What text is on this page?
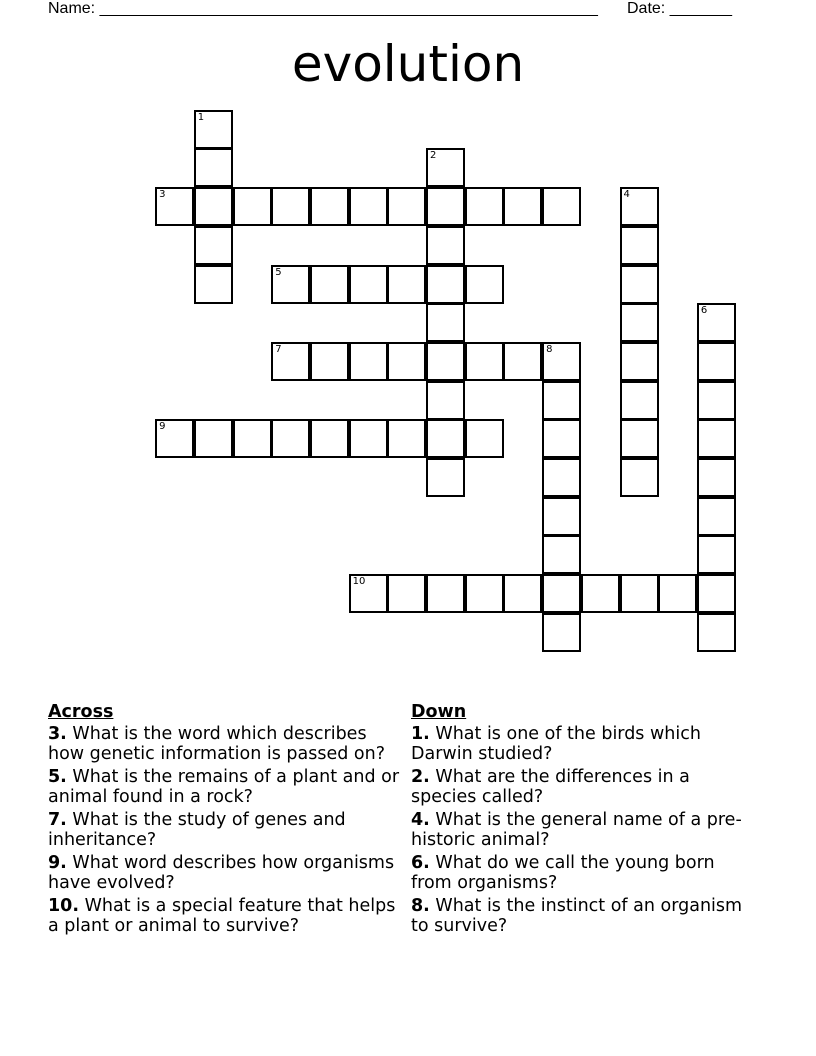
Name: ________________________________________________________ Date: _______
evolution
1
2
3	4
5
6
7	8
9
10
Across
3. What is the word which describes how genetic information is passed on?
5. What is the remains of a plant and or animal found in a rock?
7. What is the study of genes and inheritance?
9. What word describes how organisms have evolved?
10. What is a special feature that helps a plant or animal to survive?
Down
1. What is one of the birds which Darwin studied?
2. What are the differences in a species called?
4. What is the general name of a pre-historic animal?
6. What do we call the young born from organisms?
8. What is the instinct of an organism to survive?
